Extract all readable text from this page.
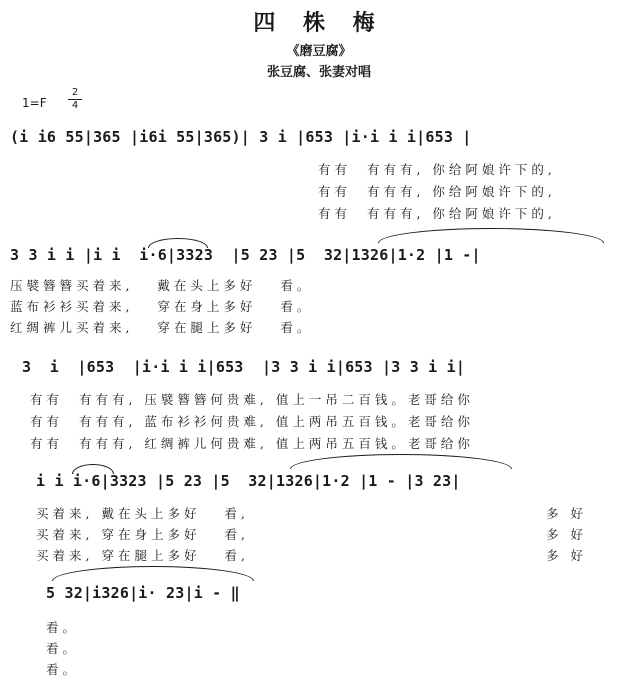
四 株 梅
《磨豆腐》
张豆腐、张妻对唱
1=F
2
4
(i i6 55|365 |i6i 55|365)| 3 i |653 |i·i i i|653 |
有有  有有有, 你给阿娘许下的,
有有  有有有, 你给阿娘许下的,
有有  有有有, 你给阿娘许下的,
3 3 i i |i i  i·6|3323  |5 23 |5  32|1326|1·2 |1 -|
压襞簪簪买着来,   戴在头上多好   看。
蓝布衫衫买着来,   穿在身上多好   看。
红绸裤儿买着来,   穿在腿上多好   看。
3  i  |653  |i·i i i|653  |3 3 i i|653 |3 3 i i|
有有  有有有, 压襞簪簪何贵难, 值上一吊二百钱。老哥给你
有有  有有有, 蓝布衫衫何贵难, 值上两吊五百钱。老哥给你
有有  有有有, 红绸裤儿何贵难, 值上两吊五百钱。老哥给你
i i i·6|3323 |5 23 |5  32|1326|1·2 |1 - |3 23|
买着来, 戴在头上多好   看,
买着来, 穿在身上多好   看,
买着来, 穿在腿上多好   看,
多 好
多 好
多 好
5 32|i326|i· 23|i - ‖
看。
看。
看。
